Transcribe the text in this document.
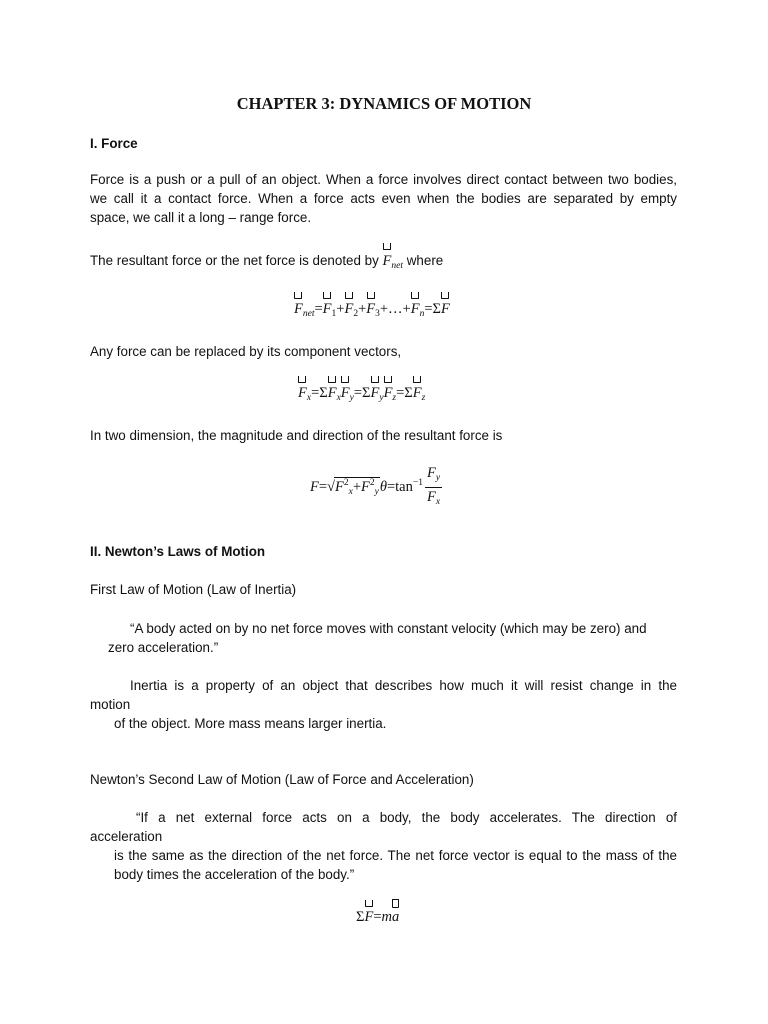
CHAPTER 3: DYNAMICS OF MOTION
I. Force
Force is a push or a pull of an object. When a force involves direct contact between two bodies,
we call it a contact force. When a force acts even when the bodies are separated by empty
space, we call it a long – range force.
The resultant force or the net force is denoted by $F_{net}$ where
$F_{net}=F_1+F_2+F_3+\dots+F_n=\Sigma F$
Any force can be replaced by its component vectors,
$F_x=\Sigma F_xF_y=\Sigma F_yF_z=\Sigma F_z$
In two dimension, the magnitude and direction of the resultant force is
$F=√F^2_x+F^2_y\theta=\tan^{-1} \frac{F_y}{F_x}$
II. Newton’s Laws of Motion
First Law of Motion (Law of Inertia)
“A body acted on by no net force moves with constant velocity (which may be zero) and
zero acceleration.”
Inertia is a property of an object that describes how much it will resist change in the
motion
of the object. More mass means larger inertia.
Newton’s Second Law of Motion (Law of Force and Acceleration)
“If a net external force acts on a body, the body accelerates. The direction of
acceleration
is the same as the direction of the net force. The net force vector is equal to the mass of the
body times the acceleration of the body.”
ΣF=ma
